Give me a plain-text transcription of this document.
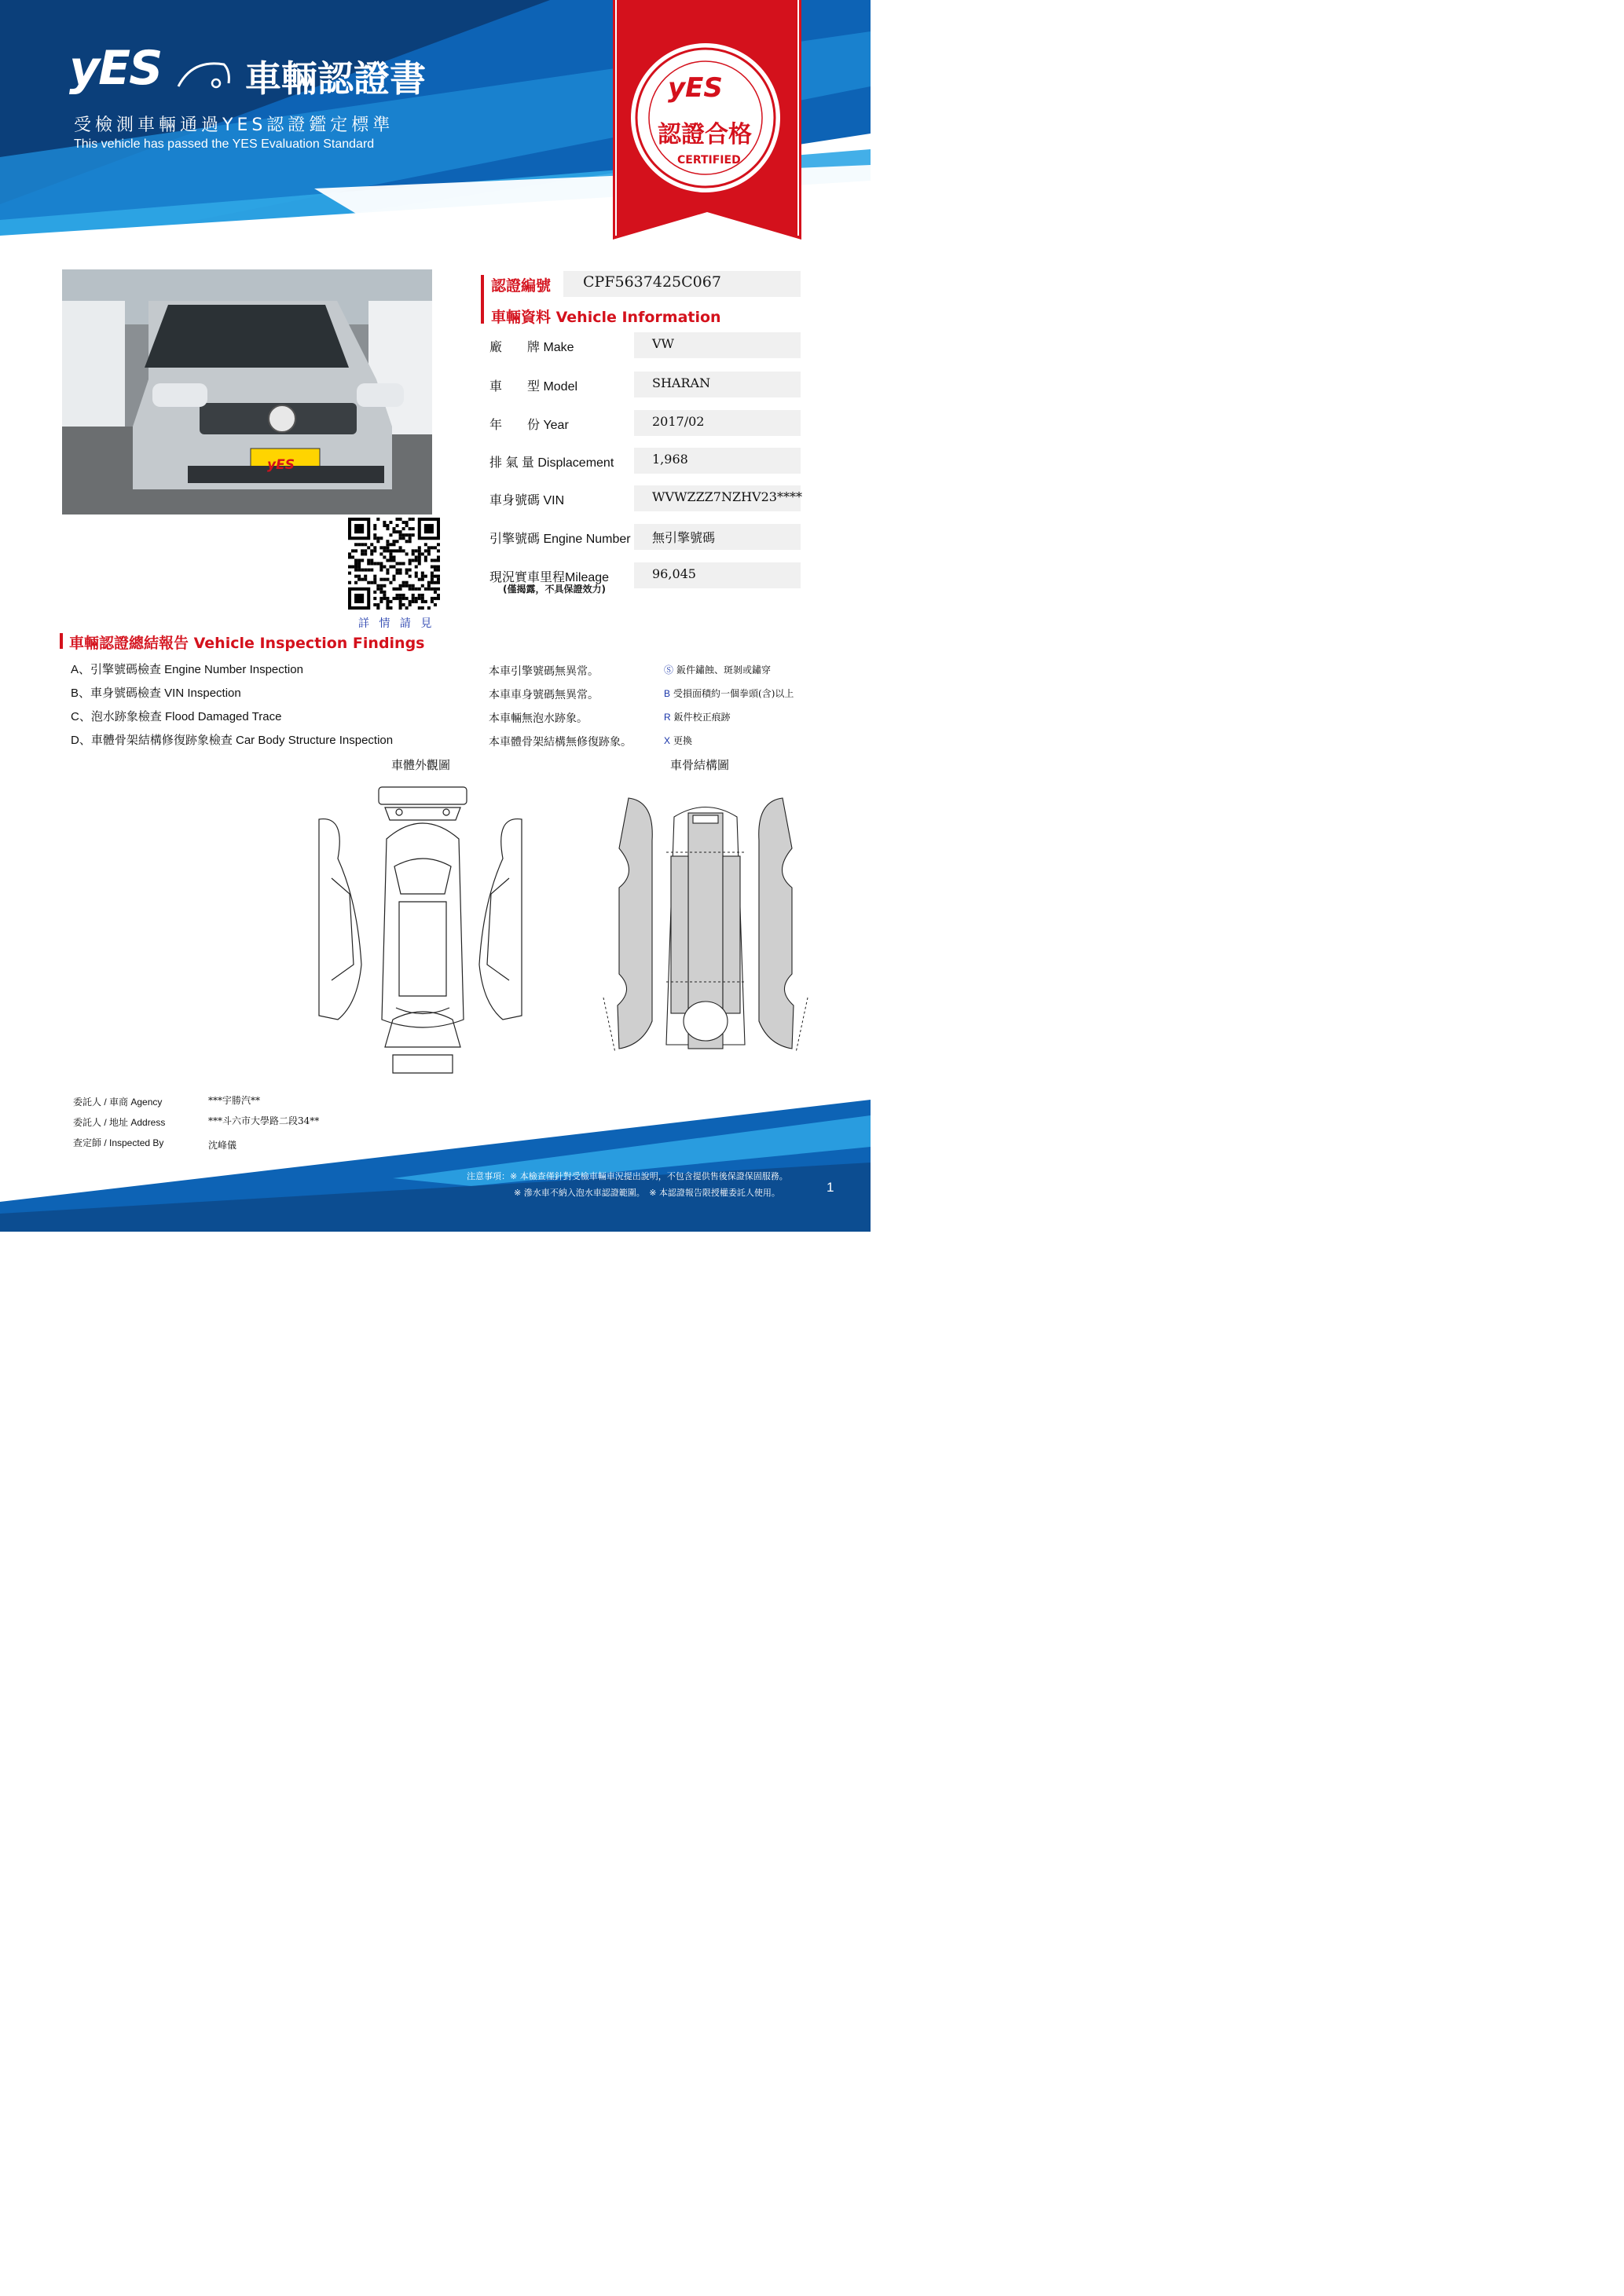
yES 車輛認證書
受檢測車輛通過YES認證鑑定標準
This vehicle has passed the YES Evaluation Standard
yES
認證合格
CERTIFIED
yES
詳 情 請 見
認證編號 CPF5637425C067
車輛資料 Vehicle Information
廠　　牌 Make	VW
車　　型 Model	SHARAN
年　　份 Year	2017/02
排 氣 量 Displacement	1,968
車身號碼 VIN	WVWZZZ7NZHV23****
引擎號碼 Engine Number 無引擎號碼
現況實車里程Mileage	96,045
(僅揭露，不具保證效力)
車輛認證總結報告 Vehicle Inspection Findings
A、引擎號碼檢查 Engine Number Inspection	本車引擎號碼無異常。
B、車身號碼檢查 VIN Inspection	本車車身號碼無異常。
C、泡水跡象檢查 Flood Damaged Trace	本車輛無泡水跡象。
D、車體骨架結構修復跡象檢查 Car Body Structure Inspection	本車體骨架結構無修復跡象。
Ⓢ 鈑件鏽蝕、斑剝或鏽穿
B 受損面積約一個拳頭(含)以上
R 鈑件校正痕跡
X 更換
車體外觀圖	車骨結構圖
委託人 / 車商 Agency	***宇勝汽**
委託人 / 地址 Address	***斗六市大學路二段34**
查定師 / Inspected By	沈峰儀
注意事項：※ 本檢查僅針對受檢車輛車況提出說明，不包含提供售後保證保固服務。
※ 滲水車不納入泡水車認證範圍。　※ 本認證報告限授權委託人使用。	1
